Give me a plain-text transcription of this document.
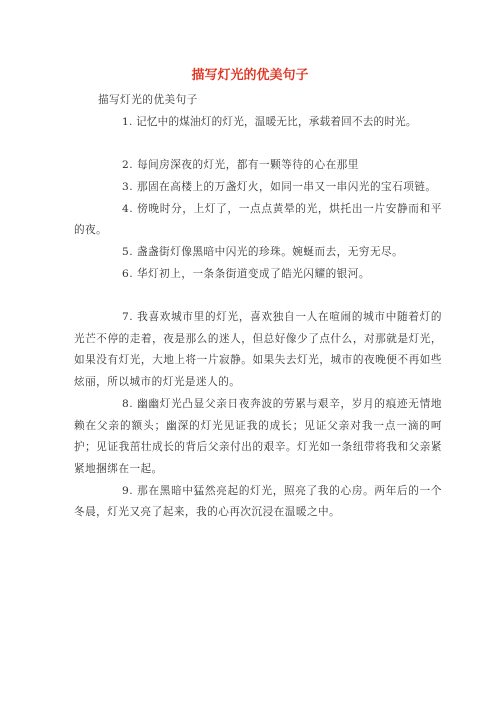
描写灯光的优美句子

描写灯光的优美句子

1. 记忆中的煤油灯的灯光，温暖无比，承载着回不去的时光。

2. 每间房深夜的灯光，都有一颗等待的心在那里

3. 那固在高楼上的万盏灯火，如同一串又一串闪光的宝石项链。

4. 傍晚时分，上灯了，一点点黄晕的光，烘托出一片安静而和平的夜。

5. 盏盏街灯像黑暗中闪光的珍珠。婉蜒而去，无穷无尽。

6. 华灯初上，一条条街道变成了皓光闪耀的银河。

7. 我喜欢城市里的灯光，喜欢独自一人在喧闹的城市中随着灯的光芒不停的走着，夜是那么的迷人，但总好像少了点什么，对那就是灯光，如果没有灯光，大地上将一片寂静。如果失去灯光，城市的夜晚便不再如些炫丽，所以城市的灯光是迷人的。

8. 幽幽灯光凸显父亲日夜奔波的劳累与艰辛，岁月的痕迹无情地赖在父亲的额头；幽深的灯光见证我的成长；见证父亲对我一点一滴的呵护；见证我茁壮成长的背后父亲付出的艰辛。灯光如一条纽带将我和父亲紧紧地捆绑在一起。

9. 那在黑暗中猛然亮起的灯光，照亮了我的心房。两年后的一个冬晨，灯光又亮了起来，我的心再次沉浸在温暖之中。
